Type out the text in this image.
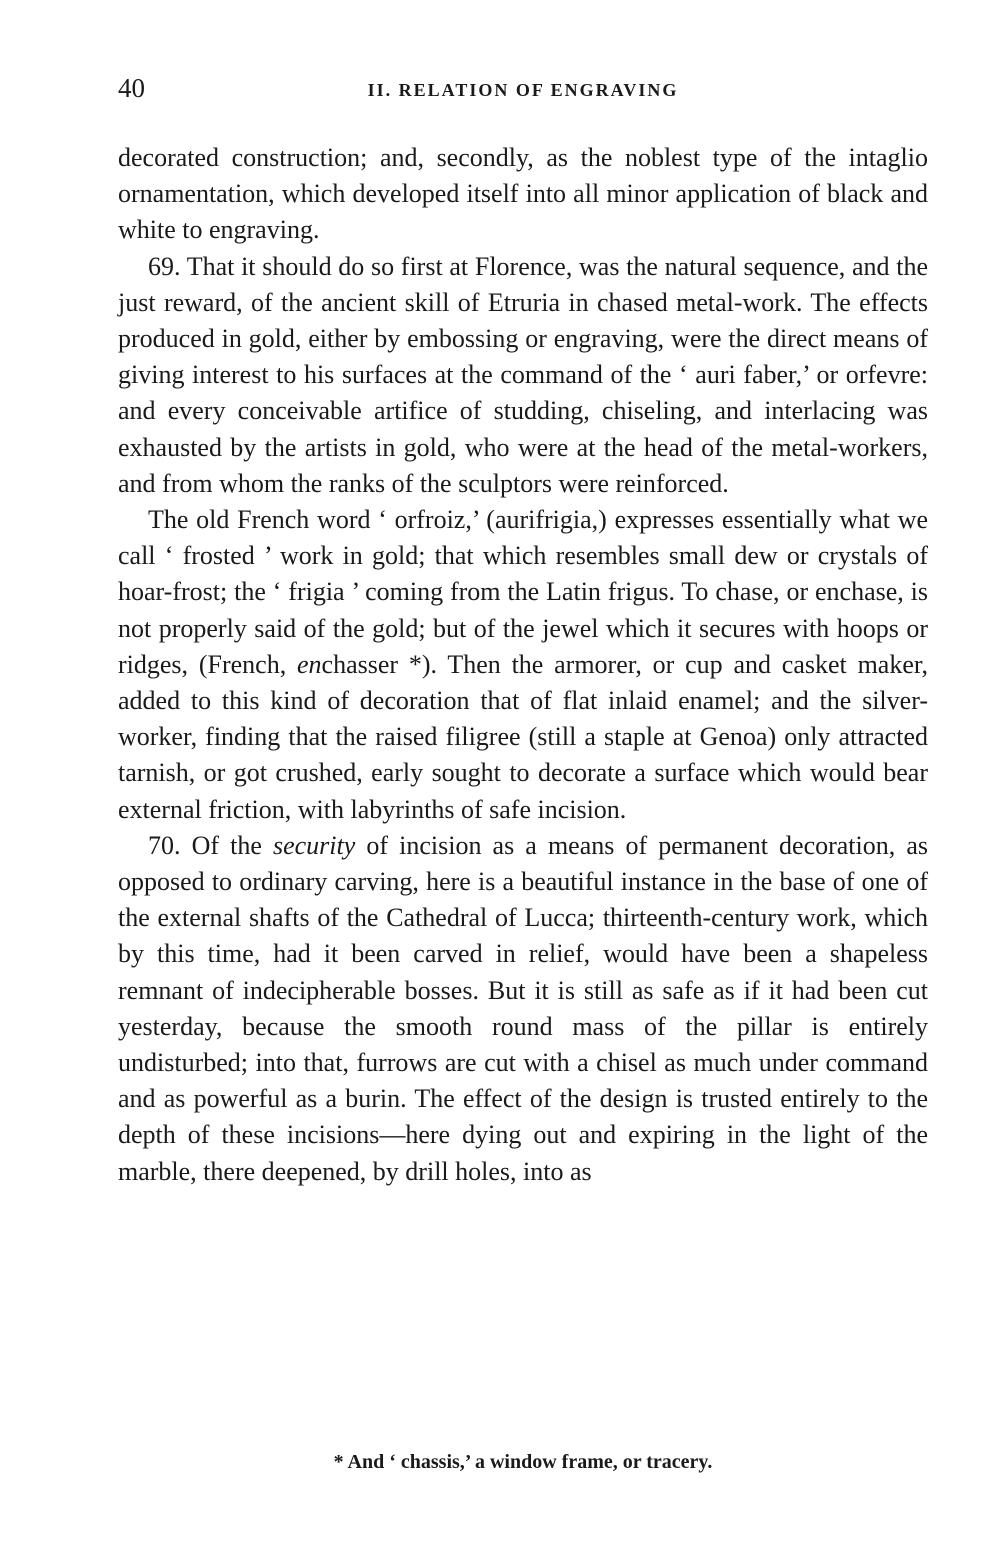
40	II. RELATION OF ENGRAVING

decorated construction; and, secondly, as the noblest type of the intaglio ornamentation, which developed itself into all minor application of black and white to engraving.

69. That it should do so first at Florence, was the natural sequence, and the just reward, of the ancient skill of Etruria in chased metal-work. The effects produced in gold, either by embossing or engraving, were the direct means of giving interest to his surfaces at the command of the ‘ auri faber,’ or orfevre: and every conceivable artifice of studding, chiseling, and interlacing was exhausted by the artists in gold, who were at the head of the metal-workers, and from whom the ranks of the sculptors were reinforced.

The old French word ‘ orfroiz,’ (aurifrigia,) expresses essentially what we call ‘ frosted ’ work in gold; that which resembles small dew or crystals of hoar-frost; the ‘ frigia ’ coming from the Latin frigus. To chase, or enchase, is not properly said of the gold; but of the jewel which it secures with hoops or ridges, (French, enchasser *). Then the armorer, or cup and casket maker, added to this kind of decoration that of flat inlaid enamel; and the silver-worker, finding that the raised filigree (still a staple at Genoa) only attracted tarnish, or got crushed, early sought to decorate a surface which would bear external friction, with labyrinths of safe incision.

70. Of the security of incision as a means of permanent decoration, as opposed to ordinary carving, here is a beautiful instance in the base of one of the external shafts of the Cathedral of Lucca; thirteenth-century work, which by this time, had it been carved in relief, would have been a shapeless remnant of indecipherable bosses. But it is still as safe as if it had been cut yesterday, because the smooth round mass of the pillar is entirely undisturbed; into that, furrows are cut with a chisel as much under command and as powerful as a burin. The effect of the design is trusted entirely to the depth of these incisions—here dying out and expiring in the light of the marble, there deepened, by drill holes, into as

* And ‘ chassis,’ a window frame, or tracery.
